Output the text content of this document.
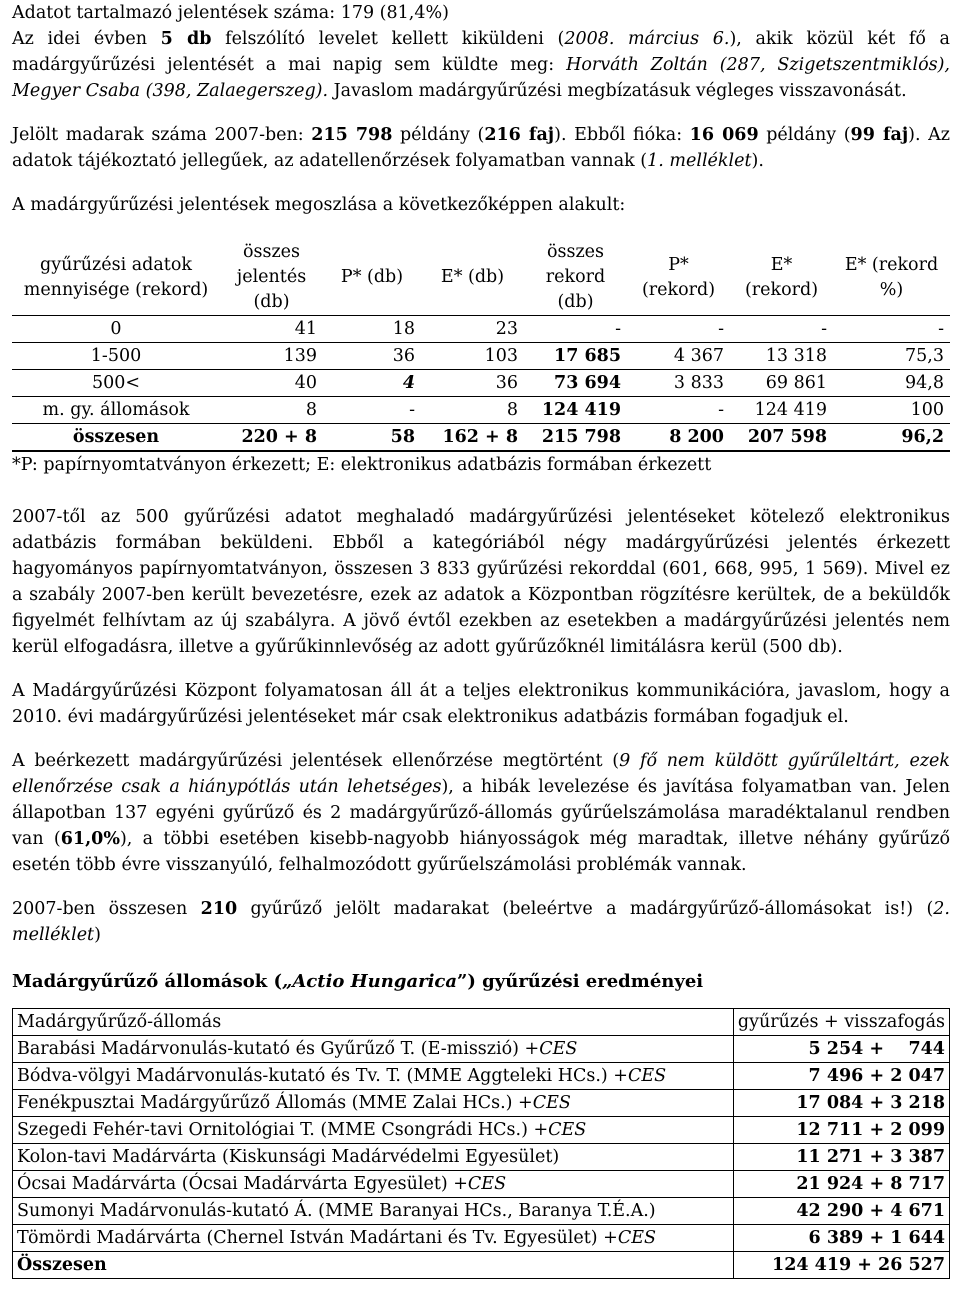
Adatot tartalmazó jelentések száma: 179 (81,4%)

Az idei évben 5 db felszólító levelet kellett kiküldeni (2008. március 6.), akik közül két fő a madárgyűrűzési jelentését a mai napig sem küldte meg: Horváth Zoltán (287, Szigetszentmiklós), Megyer Csaba (398, Zalaegerszeg). Javaslom madárgyűrűzési megbízatásuk végleges visszavonását.

Jelölt madarak száma 2007-ben: 215 798 példány (216 faj). Ebből fióka: 16 069 példány (99 faj). Az adatok tájékoztató jellegűek, az adatellenőrzések folyamatban vannak (1. melléklet).

A madárgyűrűzési jelentések megoszlása a következőképpen alakult:

gyűrűzési adatok mennyisége (rekord)	összes jelentés (db)	P* (db)	E* (db)	összes rekord (db)	P* (rekord)	E* (rekord)	E* (rekord %)
0	41	18	23	-	-	-	-
1-500	139	36	103	17 685	4 367	13 318	75,3
500<	40	4	36	73 694	3 833	69 861	94,8
m. gy. állomások	8	-	8	124 419	-	124 419	100
összesen	220 + 8	58	162 + 8	215 798	8 200	207 598	96,2

*P: papírnyomtatványon érkezett; E: elektronikus adatbázis formában érkezett

2007-től az 500 gyűrűzési adatot meghaladó madárgyűrűzési jelentéseket kötelező elektronikus adatbázis formában beküldeni. Ebből a kategóriából négy madárgyűrűzési jelentés érkezett hagyományos papírnyomtatványon, összesen 3 833 gyűrűzési rekorddal (601, 668, 995, 1 569). Mivel ez a szabály 2007-ben került bevezetésre, ezek az adatok a Központban rögzítésre kerültek, de a beküldők figyelmét felhívtam az új szabályra. A jövő évtől ezekben az esetekben a madárgyűrűzési jelentés nem kerül elfogadásra, illetve a gyűrűkinnlevőség az adott gyűrűzőknél limitálásra kerül (500 db).

A Madárgyűrűzési Központ folyamatosan áll át a teljes elektronikus kommunikációra, javaslom, hogy a 2010. évi madárgyűrűzési jelentéseket már csak elektronikus adatbázis formában fogadjuk el.

A beérkezett madárgyűrűzési jelentések ellenőrzése megtörtént (9 fő nem küldött gyűrűleltárt, ezek ellenőrzése csak a hiánypótlás után lehetséges), a hibák levelezése és javítása folyamatban van. Jelen állapotban 137 egyéni gyűrűző és 2 madárgyűrűző-állomás gyűrűelszámolása maradéktalanul rendben van (61,0%), a többi esetében kisebb-nagyobb hiányosságok még maradtak, illetve néhány gyűrűző esetén több évre visszanyúló, felhalmozódott gyűrűelszámolási problémák vannak.

2007-ben összesen 210 gyűrűző jelölt madarakat (beleértve a madárgyűrűző-állomásokat is!) (2. melléklet)

Madárgyűrűző állomások („Actio Hungarica”) gyűrűzési eredményei
Madárgyűrűző-állomás	gyűrűzés + visszafogás
Barabási Madárvonulás-kutató és Gyűrűző T. (E-misszió) +CES	5 254 +    744
Bódva-völgyi Madárvonulás-kutató és Tv. T. (MME Aggteleki HCs.) +CES	7 496 + 2 047
Fenékpusztai Madárgyűrűző Állomás (MME Zalai HCs.) +CES	17 084 + 3 218
Szegedi Fehér-tavi Ornitológiai T. (MME Csongrádi HCs.) +CES	12 711 + 2 099
Kolon-tavi Madárvárta (Kiskunsági Madárvédelmi Egyesület)	11 271 + 3 387
Ócsai Madárvárta (Ócsai Madárvárta Egyesület) +CES	21 924 + 8 717
Sumonyi Madárvonulás-kutató Á. (MME Baranyai HCs., Baranya T.É.A.)	42 290 + 4 671
Tömördi Madárvárta (Chernel István Madártani és Tv. Egyesület) +CES	6 389 + 1 644
Összesen	124 419 + 26 527
